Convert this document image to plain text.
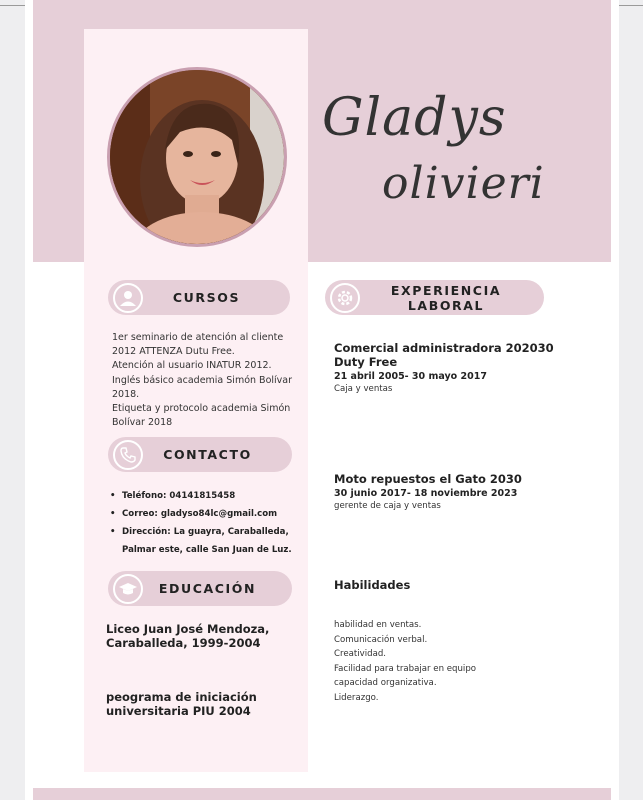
Gladys
olivieri
CURSOS
1er seminario de atención al cliente 2012 ATTENZA Dutu Free.
Atención al usuario INATUR 2012.
Inglés básico academia Simón Bolívar 2018.
Etiqueta y protocolo academia Simón Bolívar 2018
CONTACTO
• Teléfono: 04141815458
• Correo: gladyso84lc@gmail.com
• Dirección: La guayra, Caraballeda, Palmar este, calle San Juan de Luz.
EDUCACIÓN
Liceo Juan José Mendoza, Caraballeda, 1999-2004
peograma de iniciación universitaria PIU 2004
EXPERIENCIA LABORAL
Comercial administradora 202030 Duty Free
21 abril 2005- 30 mayo 2017
Caja y ventas
Moto repuestos el Gato 2030
30 junio 2017- 18 noviembre 2023
gerente de caja y ventas
Habilidades
habilidad en ventas.
Comunicación verbal.
Creatividad.
Facilidad para trabajar en equipo
capacidad organizativa.
Liderazgo.
